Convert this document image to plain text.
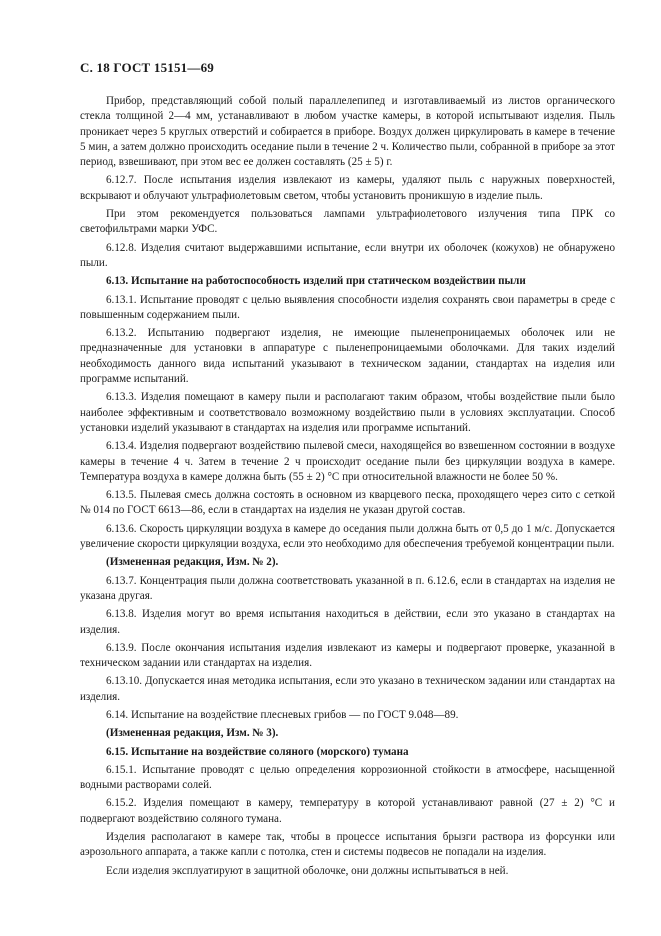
С. 18 ГОСТ 15151—69

Прибор, представляющий собой полый параллелепипед и изготавливаемый из листов органического стекла толщиной 2—4 мм, устанавливают в любом участке камеры, в которой испытывают изделия. Пыль проникает через 5 круглых отверстий и собирается в приборе. Воздух должен циркулировать в камере в течение 5 мин, а затем должно происходить оседание пыли в течение 2 ч. Количество пыли, собранной в приборе за этот период, взвешивают, при этом вес ее должен составлять (25 ± 5) г.

6.12.7. После испытания изделия извлекают из камеры, удаляют пыль с наружных поверхностей, вскрывают и облучают ультрафиолетовым светом, чтобы установить проникшую в изделие пыль.

При этом рекомендуется пользоваться лампами ультрафиолетового излучения типа ПРК со светофильтрами марки УФС.

6.12.8. Изделия считают выдержавшими испытание, если внутри их оболочек (кожухов) не обнаружено пыли.

6.13. Испытание на работоспособность изделий при статическом воздействии пыли

6.13.1. Испытание проводят с целью выявления способности изделия сохранять свои параметры в среде с повышенным содержанием пыли.

6.13.2. Испытанию подвергают изделия, не имеющие пыленепроницаемых оболочек или не предназначенные для установки в аппаратуре с пыленепроницаемыми оболочками. Для таких изделий необходимость данного вида испытаний указывают в техническом задании, стандартах на изделия или программе испытаний.

6.13.3. Изделия помещают в камеру пыли и располагают таким образом, чтобы воздействие пыли было наиболее эффективным и соответствовало возможному воздействию пыли в условиях эксплуатации. Способ установки изделий указывают в стандартах на изделия или программе испытаний.

6.13.4. Изделия подвергают воздействию пылевой смеси, находящейся во взвешенном состоянии в воздухе камеры в течение 4 ч. Затем в течение 2 ч происходит оседание пыли без циркуляции воздуха в камере. Температура воздуха в камере должна быть (55 ± 2) °С при относительной влажности не более 50 %.

6.13.5. Пылевая смесь должна состоять в основном из кварцевого песка, проходящего через сито с сеткой № 014 по ГОСТ 6613—86, если в стандартах на изделия не указан другой состав.

6.13.6. Скорость циркуляции воздуха в камере до оседания пыли должна быть от 0,5 до 1 м/с. Допускается увеличение скорости циркуляции воздуха, если это необходимо для обеспечения требуемой концентрации пыли.

(Измененная редакция, Изм. № 2).

6.13.7. Концентрация пыли должна соответствовать указанной в п. 6.12.6, если в стандартах на изделия не указана другая.

6.13.8. Изделия могут во время испытания находиться в действии, если это указано в стандартах на изделия.

6.13.9. После окончания испытания изделия извлекают из камеры и подвергают проверке, указанной в техническом задании или стандартах на изделия.

6.13.10. Допускается иная методика испытания, если это указано в техническом задании или стандартах на изделия.

6.14. Испытание на воздействие плесневых грибов — по ГОСТ 9.048—89.

(Измененная редакция, Изм. № 3).

6.15. Испытание на воздействие соляного (морского) тумана

6.15.1. Испытание проводят с целью определения коррозионной стойкости в атмосфере, насыщенной водными растворами солей.

6.15.2. Изделия помещают в камеру, температуру в которой устанавливают равной (27 ± 2) °С и подвергают воздействию соляного тумана.

Изделия располагают в камере так, чтобы в процессе испытания брызги раствора из форсунки или аэрозольного аппарата, а также капли с потолка, стен и системы подвесов не попадали на изделия.

Если изделия эксплуатируют в защитной оболочке, они должны испытываться в ней.
